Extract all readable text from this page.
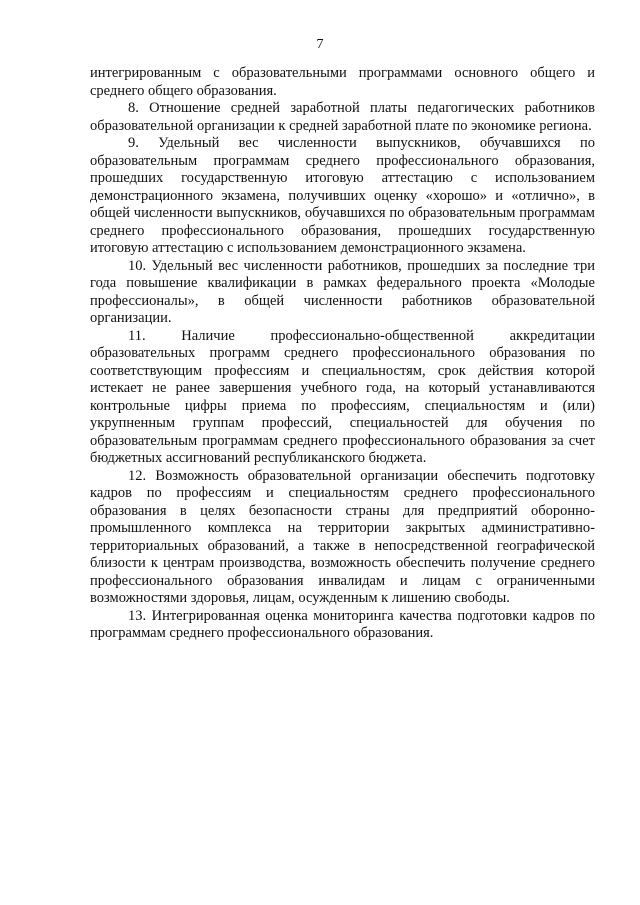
7

интегрированным с образовательными программами основного общего и среднего общего образования.

8. Отношение средней заработной платы педагогических работников образовательной организации к средней заработной плате по экономике региона.

9. Удельный вес численности выпускников, обучавшихся по образовательным программам среднего профессионального образования, прошедших государственную итоговую аттестацию с использованием демонстрационного экзамена, получивших оценку «хорошо» и «отлично», в общей численности выпускников, обучавшихся по образовательным программам среднего профессионального образования, прошедших государственную итоговую аттестацию с использованием демонстрационного экзамена.

10. Удельный вес численности работников, прошедших за последние три года повышение квалификации в рамках федерального проекта «Молодые профессионалы», в общей численности работников образовательной организации.

11. Наличие профессионально-общественной аккредитации образовательных программ среднего профессионального образования по соответствующим профессиям и специальностям, срок действия которой истекает не ранее завершения учебного года, на который устанавливаются контрольные цифры приема по профессиям, специальностям и (или) укрупненным группам профессий, специальностей для обучения по образовательным программам среднего профессионального образования за счет бюджетных ассигнований республиканского бюджета.

12. Возможность образовательной организации обеспечить подготовку кадров по профессиям и специальностям среднего профессионального образования в целях безопасности страны для предприятий оборонно-промышленного комплекса на территории закрытых административно-территориальных образований, а также в непосредственной географической близости к центрам производства, возможность обеспечить получение среднего профессионального образования инвалидам и лицам с ограниченными возможностями здоровья, лицам, осужденным к лишению свободы.

13. Интегрированная оценка мониторинга качества подготовки кадров по программам среднего профессионального образования.
